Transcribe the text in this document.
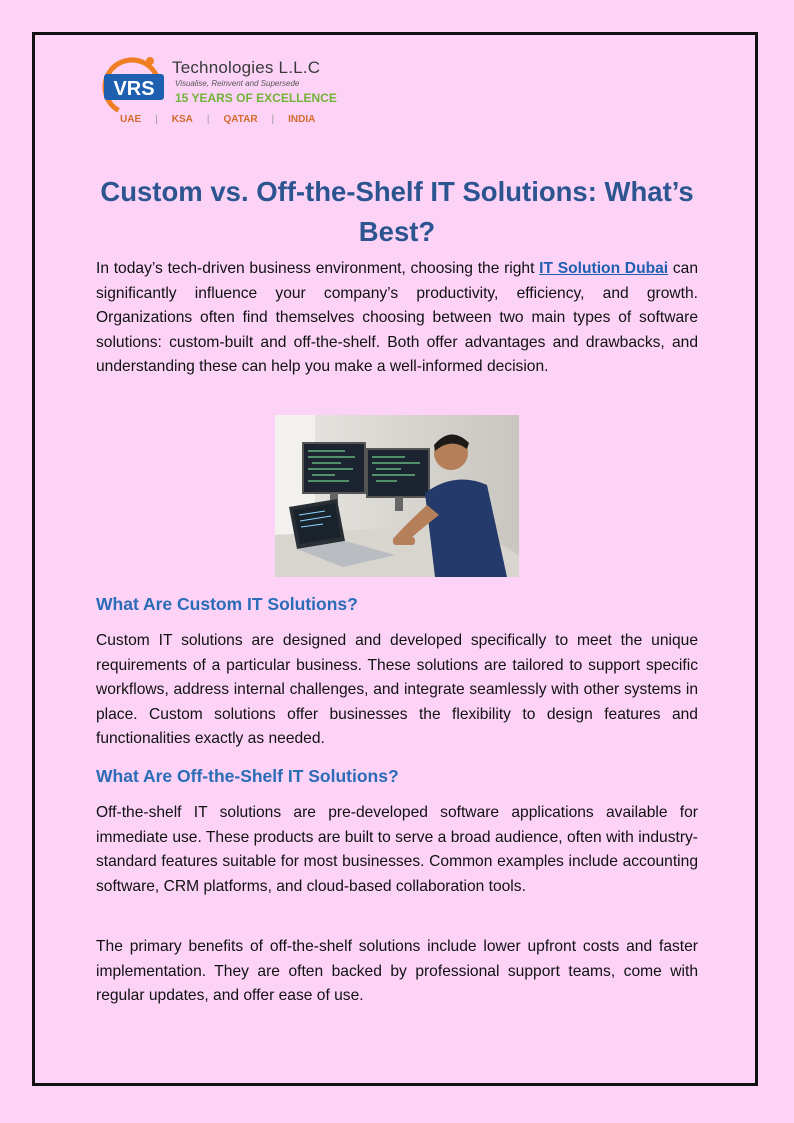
VRS
Technologies L.L.C
Visualise, Reinvent and Supersede
15 YEARS OF EXCELLENCE
UAE | KSA | QATAR | INDIA
Custom vs. Off-the-Shelf IT Solutions: What’s Best?

In today’s tech-driven business environment, choosing the right IT Solution Dubai can significantly influence your company’s productivity, efficiency, and growth. Organizations often find themselves choosing between two main types of software solutions: custom-built and off-the-shelf. Both offer advantages and drawbacks, and understanding these can help you make a well-informed decision.

What Are Custom IT Solutions?

Custom IT solutions are designed and developed specifically to meet the unique requirements of a particular business. These solutions are tailored to support specific workflows, address internal challenges, and integrate seamlessly with other systems in place. Custom solutions offer businesses the flexibility to design features and functionalities exactly as needed.

What Are Off-the-Shelf IT Solutions?

Off-the-shelf IT solutions are pre-developed software applications available for immediate use. These products are built to serve a broad audience, often with industry-standard features suitable for most businesses. Common examples include accounting software, CRM platforms, and cloud-based collaboration tools.

The primary benefits of off-the-shelf solutions include lower upfront costs and faster implementation. They are often backed by professional support teams, come with regular updates, and offer ease of use.
